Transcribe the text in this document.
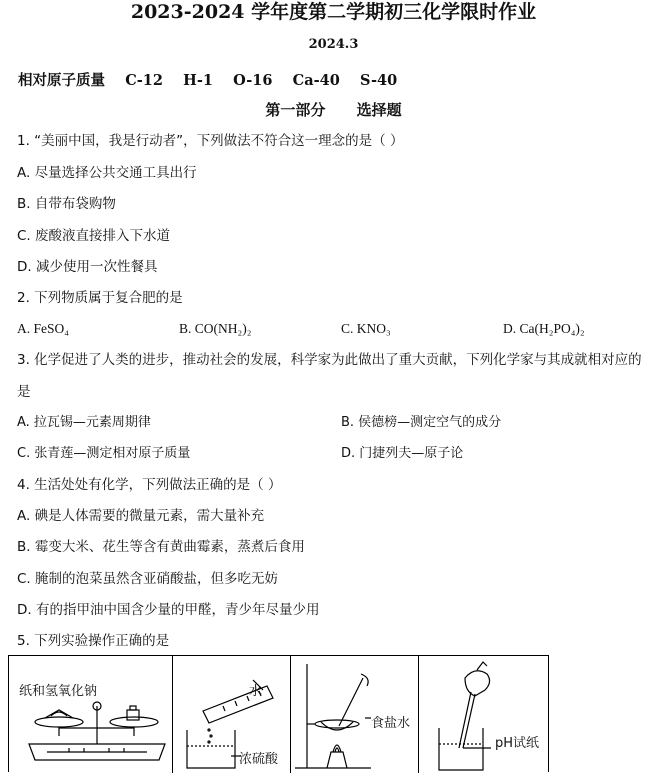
2023-2024 学年度第二学期初三化学限时作业
2024.3
相对原子质量    C-12    H-1    O-16    Ca-40    S-40
第一部分      选择题
1. “美丽中国，我是行动者”，下列做法不符合这一理念的是（ ）
A. 尽量选择公共交通工具出行
B. 自带布袋购物
C. 废酸液直接排入下水道
D. 减少使用一次性餐具
2. 下列物质属于复合肥的是
A. FeSO₄	B. CO(NH₂)₂	C. KNO₃	D. Ca(H₂PO₄)₂
3. 化学促进了人类的进步，推动社会的发展，科学家为此做出了重大贡献，下列化学家与其成就相对应的
是
A. 拉瓦锡—元素周期律	B. 侯德榜—测定空气的成分
C. 张青莲—测定相对原子质量	D. 门捷列夫—原子论
4. 生活处处有化学，下列做法正确的是（ ）
A. 碘是人体需要的微量元素，需大量补充
B. 霉变大米、花生等含有黄曲霉素，蒸煮后食用
C. 腌制的泡菜虽然含亚硝酸盐，但多吃无妨
D. 有的指甲油中国含少量的甲醛，青少年尽量少用
5. 下列实验操作正确的是
纸和氢氧化钠	水
浓硫酸
食盐水
pH试纸
